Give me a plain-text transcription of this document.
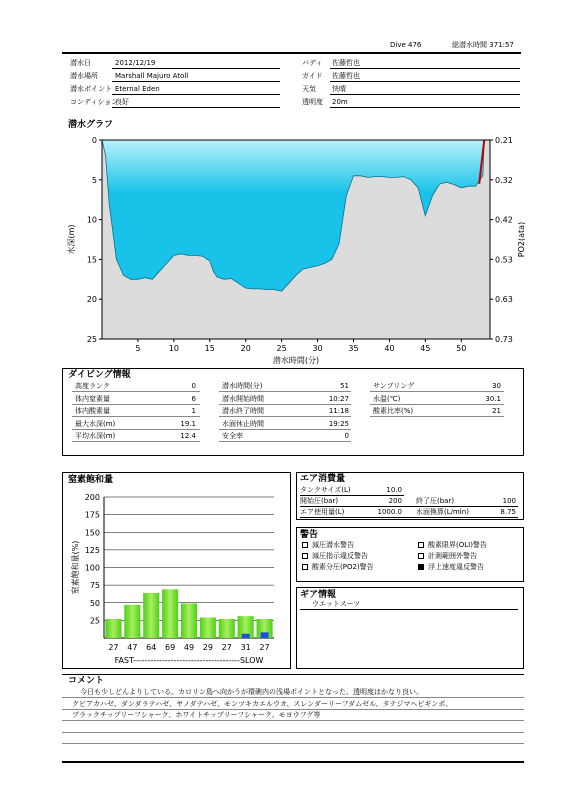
Dive 476	総潜水時間 371:57
潜水グラフ
5	10	15	20	25	30	35	40	45	50
0
5
10
15
20
25
0.21
0.32
0.42
0.53
0.63
0.73
潜水時間(分)
水深(m)	PO2(ata)
ダイビング情報
窒素飽和量
25
50
75
100
125
150
175
200
27 47 64 69 49 29 27 31 27
FAST-------------------------------------SLOW
窒素飽和量(%)
エア消費量
タンクサイズ(L)	10.0
開始圧(bar)	200 終了圧(bar)	100
エア使用量(L)	1000.0 水面換算(L/min)	8.75
警告
ギア情報
ウエットスーツ
コメント
潜水日	2012/12/19
潜水場所 Marshall Majuro Atoll
潜水ポイント Eternal Eden
コンディション
良好
バディ 佐藤哲也
ガイド 佐藤哲也
天気 快晴
透明度 20m
高度ランク	0
体内窒素量	6
体内酸素量	1
最大水深(m)	19.1
平均水深(m)	12.4
潜水時間(分)	51
潜水開始時間	10:27
潜水終了時間	11:18
水面休止時間	19:25
安全率	0
サンプリング	30
水温(℃)	30.1
酸素比率(%)	21
減圧潜水警告	酸素限界(OLI)警告
減圧指示違反警告	計測範囲外警告
酸素分圧(PO2)警告	浮上速度違反警告
今日も少しどんよりしている。カロリン島へ向かうが環礁内の浅場ポイントとなった。透明度はかなり良い。
クビアカハゼ、ダンダラテハゼ、ヤノダテハゼ、モンツキカエルウオ、スレンダーリーフダムゼル、タテジマヘビギンポ、
ブラックチップリーフシャーク、ホワイトチップリーフシャーク、モヨウフグ等
